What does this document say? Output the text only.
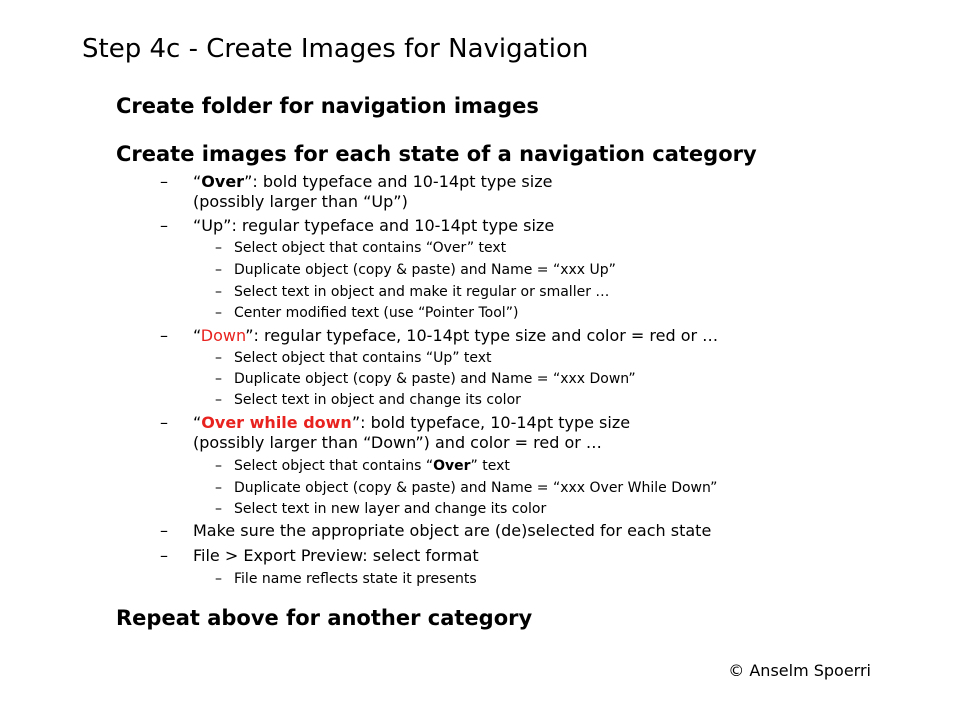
Step 4c - Create Images for Navigation
Create folder for navigation images
Create images for each state of a navigation category
– “Over”: bold typeface and 10-14pt type size
(possibly larger than “Up”)
– “Up”: regular typeface and 10-14pt type size
– Select object that contains “Over” text
– Duplicate object (copy & paste) and Name = “xxx Up”
– Select text in object and make it regular or smaller …
– Center modified text (use “Pointer Tool”)
– “Down”: regular typeface, 10-14pt type size and color = red or …
– Select object that contains “Up” text
– Duplicate object (copy & paste) and Name = “xxx Down”
– Select text in object and change its color
– “Over while down”: bold typeface, 10-14pt type size
(possibly larger than “Down”) and color = red or …
– Select object that contains “Over” text
– Duplicate object (copy & paste) and Name = “xxx Over While Down”
– Select text in new layer and change its color
– Make sure the appropriate object are (de)selected for each state
– File > Export Preview: select format
– File name reflects state it presents
Repeat above for another category
© Anselm Spoerri
